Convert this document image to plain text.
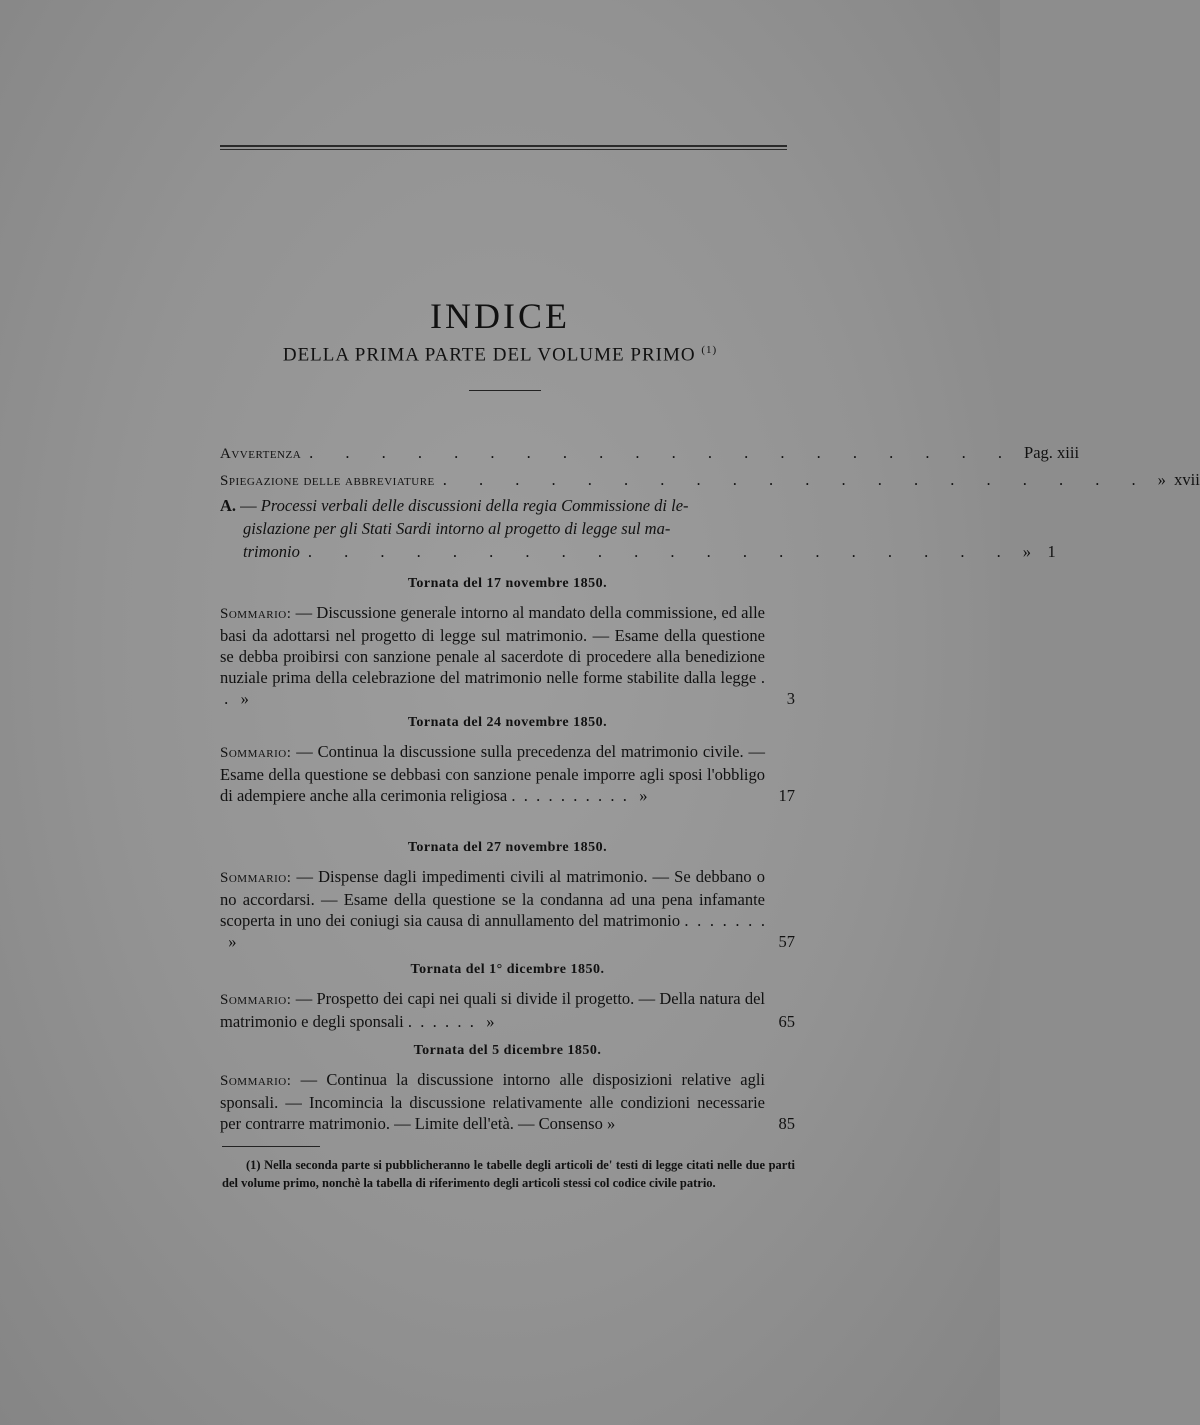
INDICE
DELLA PRIMA PARTE DEL VOLUME PRIMO $^{(1)}$
Avvertenza . . . . . . . . . . . . . . . . . . . . Pag. xiii
Spiegazione delle abbreviature . . . . . . . . . . . . . . . . . . . . » xvii
A. — Processi verbali delle discussioni della regia Commissione di le-
gislazione per gli Stati Sardi intorno al progetto di legge sul ma-
trimonio . . . . . . . . . . . . . . . . . . . . » 1
Tornata del 17 novembre 1850.
Sommario: — Discussione generale intorno al mandato della commissione, ed alle basi da adottarsi nel progetto di legge sul matrimonio. — Esame della questione se debba proibirsi con sanzione penale al sacerdote di procedere alla benedizione nuziale prima della celebrazione del matrimonio nelle forme stabilite dalla legge .  .   »	3
Tornata del 24 novembre 1850.
Sommario: — Continua la discussione sulla precedenza del matrimonio civile. — Esame della questione se debbasi con sanzione penale imporre agli sposi l'obbligo di adempiere anche alla cerimonia religiosa .  .  .  .  .  .  .  .  .  .   »	17
Tornata del 27 novembre 1850.
Sommario: — Dispense dagli impedimenti civili al matrimonio. — Se debbano o no accordarsi. — Esame della questione se la condanna ad una pena infamante scoperta in uno dei coniugi sia causa di annullamento del matrimonio .  .  .  .  .  .  .   »	57
Tornata del 1° dicembre 1850.
Sommario: — Prospetto dei capi nei quali si divide il progetto. — Della natura del matrimonio e degli sponsali .  .  .  .  .  .   »	65
Tornata del 5 dicembre 1850.
Sommario: — Continua la discussione intorno alle disposizioni relative agli sponsali. — Incomincia la discussione relativamente alle condizioni necessarie per contrarre matrimonio. — Limite dell'età. — Consenso »	85
(1) Nella seconda parte si pubblicheranno le tabelle degli articoli de' testi di legge citati nelle due parti del volume primo, nonchè la tabella di riferimento degli articoli stessi col codice civile patrio.
